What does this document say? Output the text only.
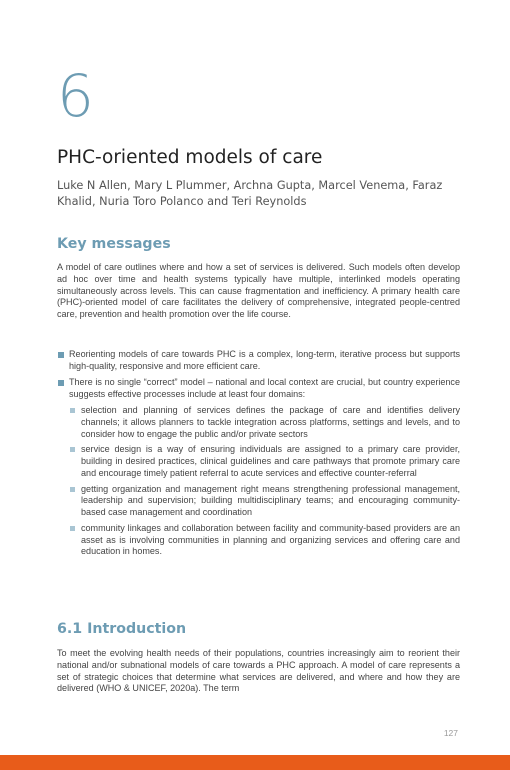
6
PHC-oriented models of care

Luke N Allen, Mary L Plummer, Archna Gupta, Marcel Venema, Faraz Khalid, Nuria Toro Polanco and Teri Reynolds

Key messages

A model of care outlines where and how a set of services is delivered. Such models often develop ad hoc over time and health systems typically have multiple, interlinked models operating simultaneously across levels. This can cause fragmentation and inefficiency. A primary health care (PHC)-oriented model of care facilitates the delivery of comprehensive, integrated people-centred care, prevention and health promotion over the life course.

Reorienting models of care towards PHC is a complex, long-term, iterative process but supports high-quality, responsive and more efficient care.
There is no single “correct” model – national and local context are crucial, but country experience suggests effective processes include at least four domains:
selection and planning of services defines the package of care and identifies delivery channels; it allows planners to tackle integration across platforms, settings and levels, and to consider how to engage the public and/or private sectors
service design is a way of ensuring individuals are assigned to a primary care provider, building in desired practices, clinical guidelines and care pathways that promote primary care and encourage timely patient referral to acute services and effective counter-referral
getting organization and management right means strengthening professional management, leadership and supervision; building multidisciplinary teams; and encouraging community-based case management and coordination
community linkages and collaboration between facility and community-based providers are an asset as is involving communities in planning and organizing services and offering care and education in homes.
6.1 Introduction

To meet the evolving health needs of their populations, countries increasingly aim to reorient their national and/or subnational models of care towards a PHC approach. A model of care represents a set of strategic choices that determine what services are delivered, and where and how they are delivered (WHO & UNICEF, 2020a). The term

127
